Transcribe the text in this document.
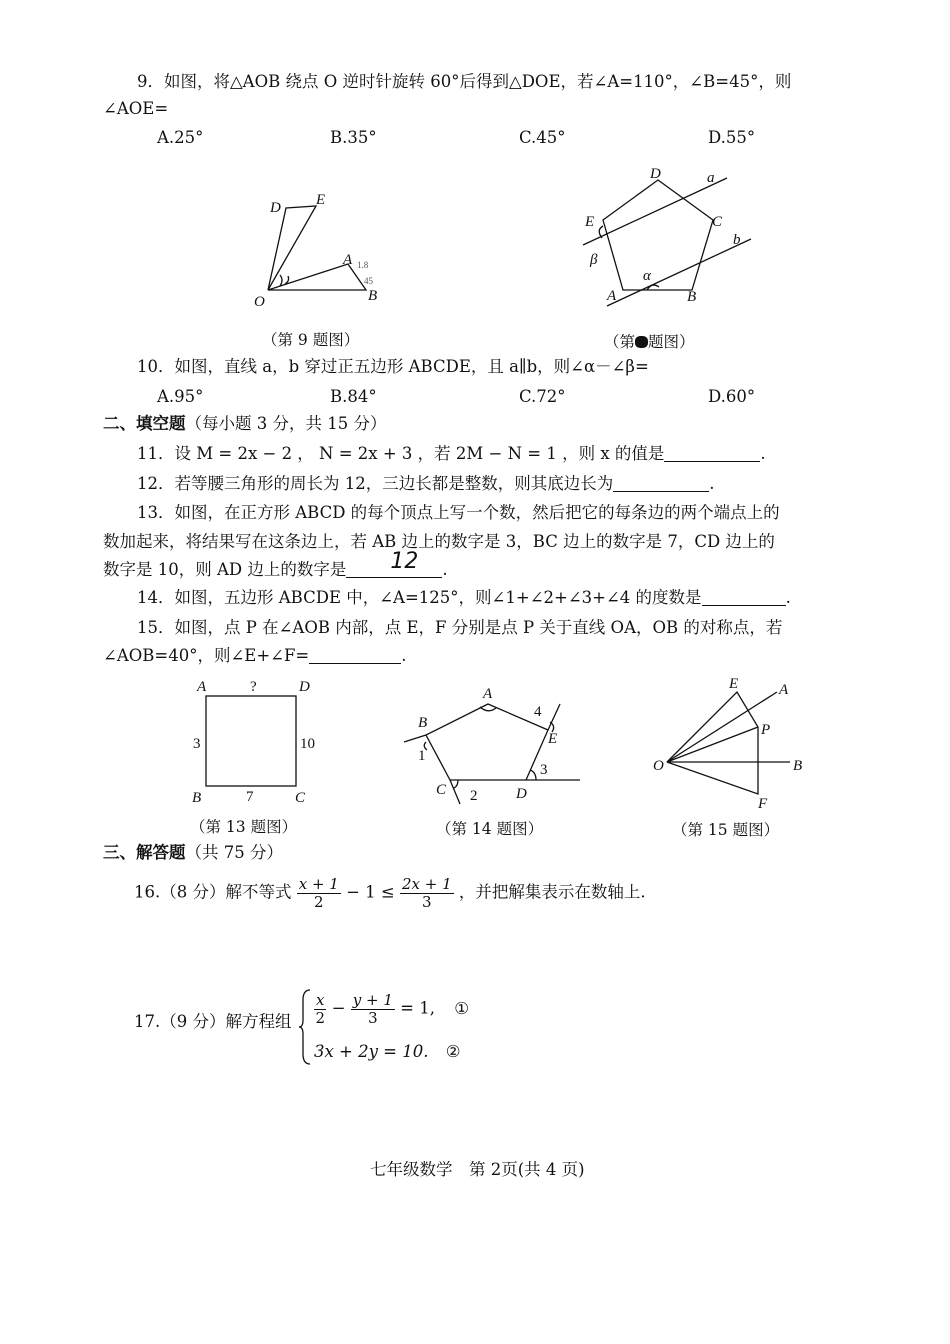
9．如图，将△AOB 绕点 O 逆时针旋转 60°后得到△DOE，若∠A=110°，∠B=45°，则
∠AOE=
A.25°	B.35°	C.45°	D.55°
D E
A
O	B
1.8
45
（第 9 题图）
D
E	C
A	B
a
b
α
β
（第 题图）
10．如图，直线 a，b 穿过正五边形 ABCDE，且 a∥b，则∠α－∠β=
A.95°	B.84°	C.72°	D.60°
二、填空题（每小题 3 分，共 15 分）
11．设 M = 2x − 2 ， N = 2x + 3 ，若 2M − N = 1 ，则 x 的值是	.
12．若等腰三角形的周长为 12，三边长都是整数，则其底边长为	.
13．如图，在正方形 ABCD 的每个顶点上写一个数，然后把它的每条边的两个端点上的
数加起来，将结果写在这条边上，若 AB 边上的数字是 3，BC 边上的数字是 7，CD 边上的
数字是 10，则 AD 边上的数字是 12 .
14．如图，五边形 ABCDE 中，∠A=125°，则∠1+∠2+∠3+∠4 的度数是	.
15．如图，点 P 在∠AOB 内部，点 E，F 分别是点 P 关于直线 OA，OB 的对称点，若
∠AOB=40°，则∠E+∠F=	.
A	D
B	C
?
3	10
7
（第 13 题图）
A
B
C	D
E
1
2
3
4
（第 14 题图）
E	A
P
O	B
F
（第 15 题图）
三、解答题（共 75 分）
16.（8 分）解不等式 $\frac{x + 1}{2} - 1 \le \frac{2x + 1}{3}$ ，并把解集表示在数轴上.
17.（9 分）解方程组 $\frac{x}{2} - \frac{y + 1}{3} = 1$, ①
3x + 2y = 10. ②
七年级数学　第 2页(共 4 页)
